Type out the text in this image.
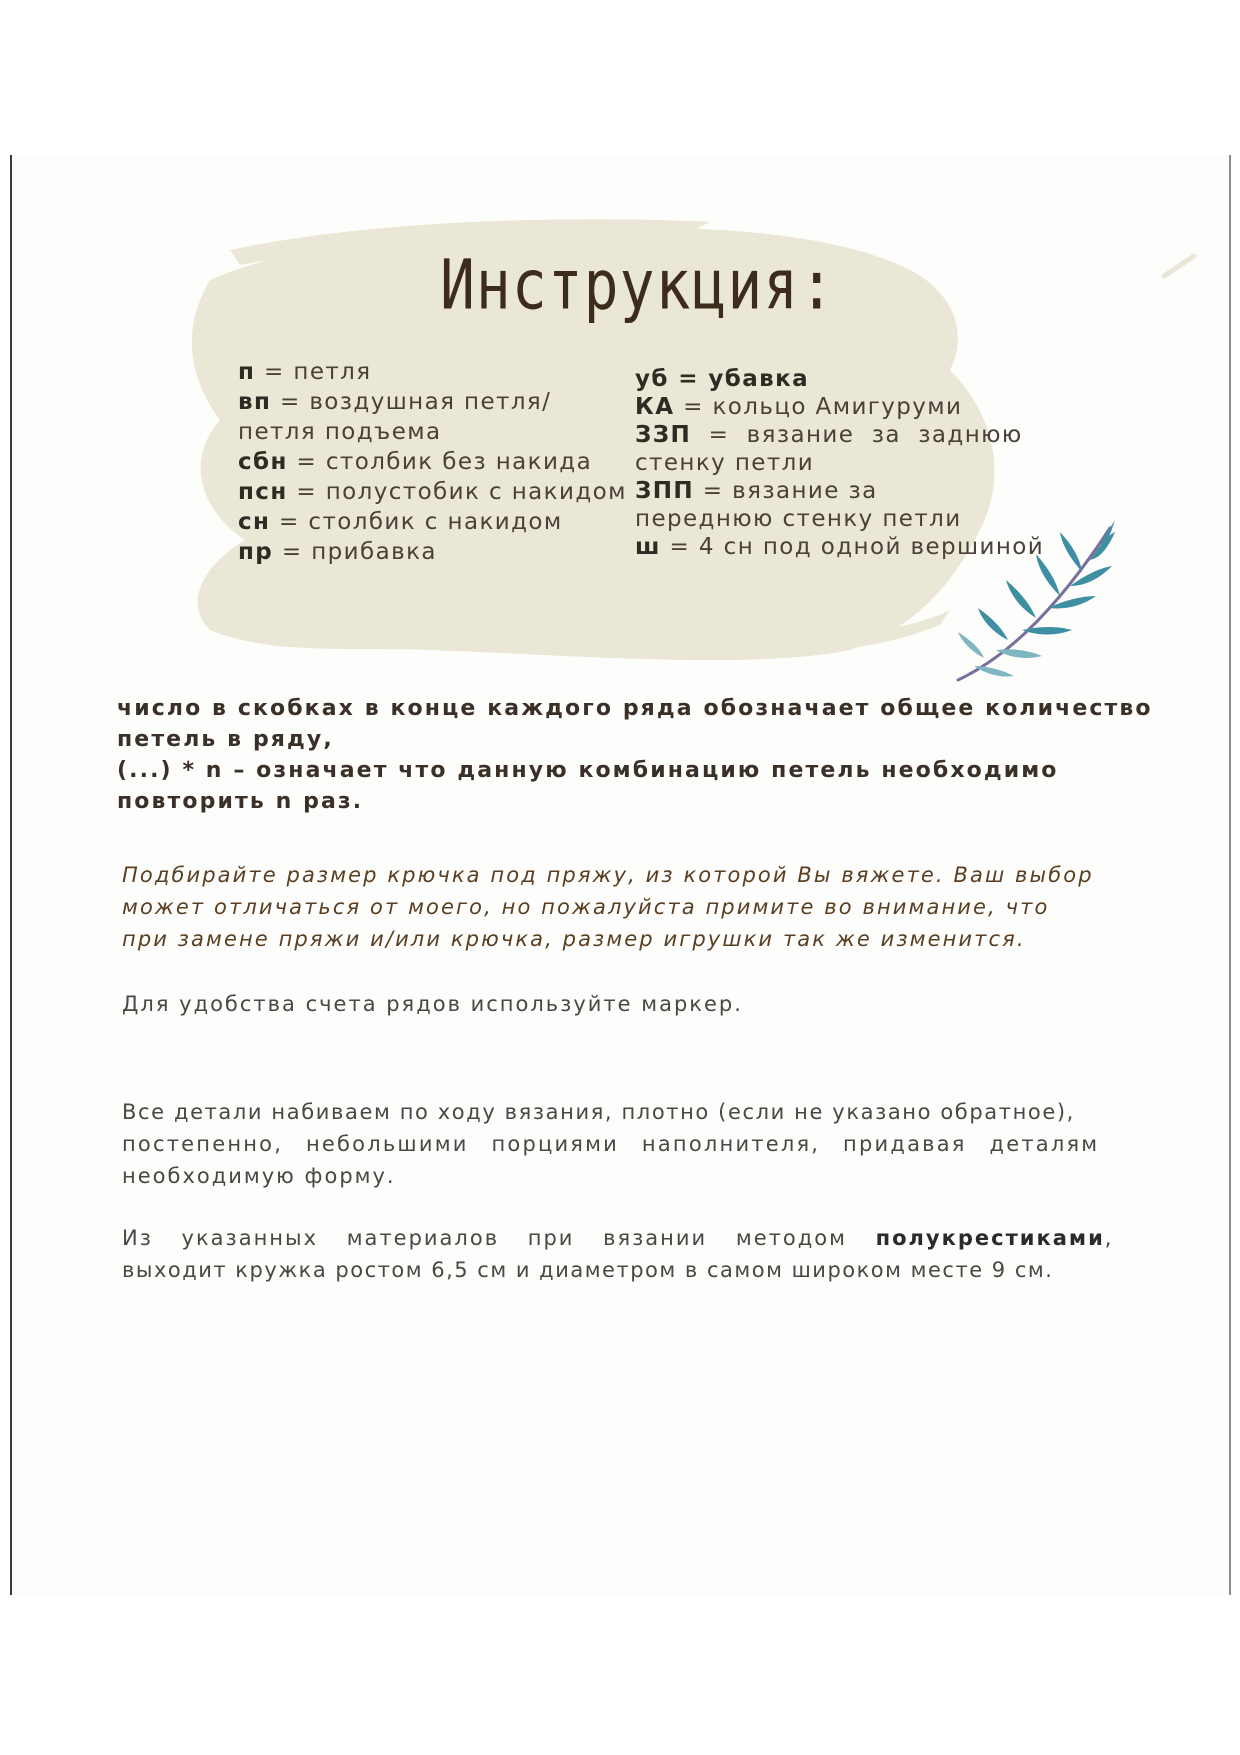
Инструкция:
п = петля
вп = воздушная петля/
петля подъема
сбн = столбик без накида
псн = полустобик с накидом
сн = столбик с накидом
пр = прибавка
уб = убавка
КА = кольцо Амигуруми
ЗЗП  =  вязание  за  заднюю
стенку петли
ЗПП = вязание за
переднюю стенку петли
ш = 4 сн под одной вершиной
число в скобках в конце каждого ряда обозначает общее количество
петель в ряду,
(...) * n – означает что данную комбинацию петель необходимо
повторить n раз.
Подбирайте размер крючка под пряжу, из которой Вы вяжете. Ваш выбор
может отличаться от моего, но пожалуйста примите во внимание, что
при замене пряжи и/или крючка, размер игрушки так же изменится.
Для удобства счета рядов используйте маркер.
Все детали набиваем по ходу вязания, плотно (если не указано обратное),
постепенно, небольшими порциями наполнителя, придавая деталям
необходимую форму.
Из указанных материалов при вязании методом полукрестиками,
выходит кружка ростом 6,5 см и диаметром в самом широком месте 9 см.
